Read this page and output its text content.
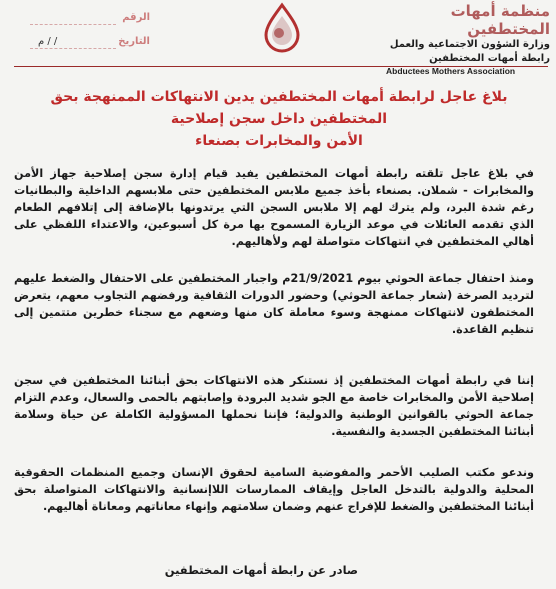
منظمة أمهات المختطفين
وزارة الشؤون الاجتماعية والعمل
رابطة أمهات المختطفين
Abductees Mothers Association
الرقم
التاريخ
/ / م
بلاغ عاجل لرابطة أمهات المختطفين يدين الانتهاكات الممنهجة بحق المختطفين داخل سجن إصلاحية
الأمن والمخابرات بصنعاء
في بلاغ عاجل تلقته رابطة أمهات المختطفين يفيد قيام إدارة سجن إصلاحية جهاز الأمن والمخابرات - شملان. بصنعاء بأخذ جميع ملابس المختطفين حتى ملابسهم الداخلية والبطانيات رغم شدة البرد، ولم يترك لهم إلا ملابس السجن التي يرتدونها بالإضافة إلى إتلافهم الطعام الذي تقدمه العائلات في موعد الزيارة المسموح بها مرة كل أسبوعين، والاعتداء اللفظي على أهالي المختطفين في انتهاكات متواصلة لهم ولأهاليهم.
ومنذ احتفال جماعة الحوثي بيوم 21/9/2021م واجبار المختطفين على الاحتفال والضغط عليهم لترديد الصرخة (شعار جماعة الحوثي) وحضور الدورات الثقافية ورفضهم التجاوب معهم، يتعرض المختطفون لانتهاكات ممنهجة وسوء معاملة كان منها وضعهم مع سجناء خطرين متتمين إلى تنظيم القاعدة.
إننا في رابطة أمهات المختطفين إذ نستنكر هذه الانتهاكات بحق أبنائنا المختطفين في سجن إصلاحية الأمن والمخابرات خاصة مع الجو شديد البرودة وإصابتهم بالحمى والسعال، وعدم التزام جماعة الحوثي بالقوانين الوطنية والدولية؛ فإننا نحملها المسؤولية الكاملة عن حياة وسلامة أبنائنا المختطفين الجسدية والنفسية.
وندعو مكتب الصليب الأحمر والمفوضية السامية لحقوق الإنسان وجميع المنظمات الحقوقية المحلية والدولية بالتدخل العاجل وإيقاف الممارسات اللاإنسانية والانتهاكات المتواصلة بحق أبنائنا المختطفين والضغط للإفراج عنهم وضمان سلامتهم وإنهاء معاناتهم ومعاناة أهاليهم.
صادر عن رابطة أمهات المختطفين
